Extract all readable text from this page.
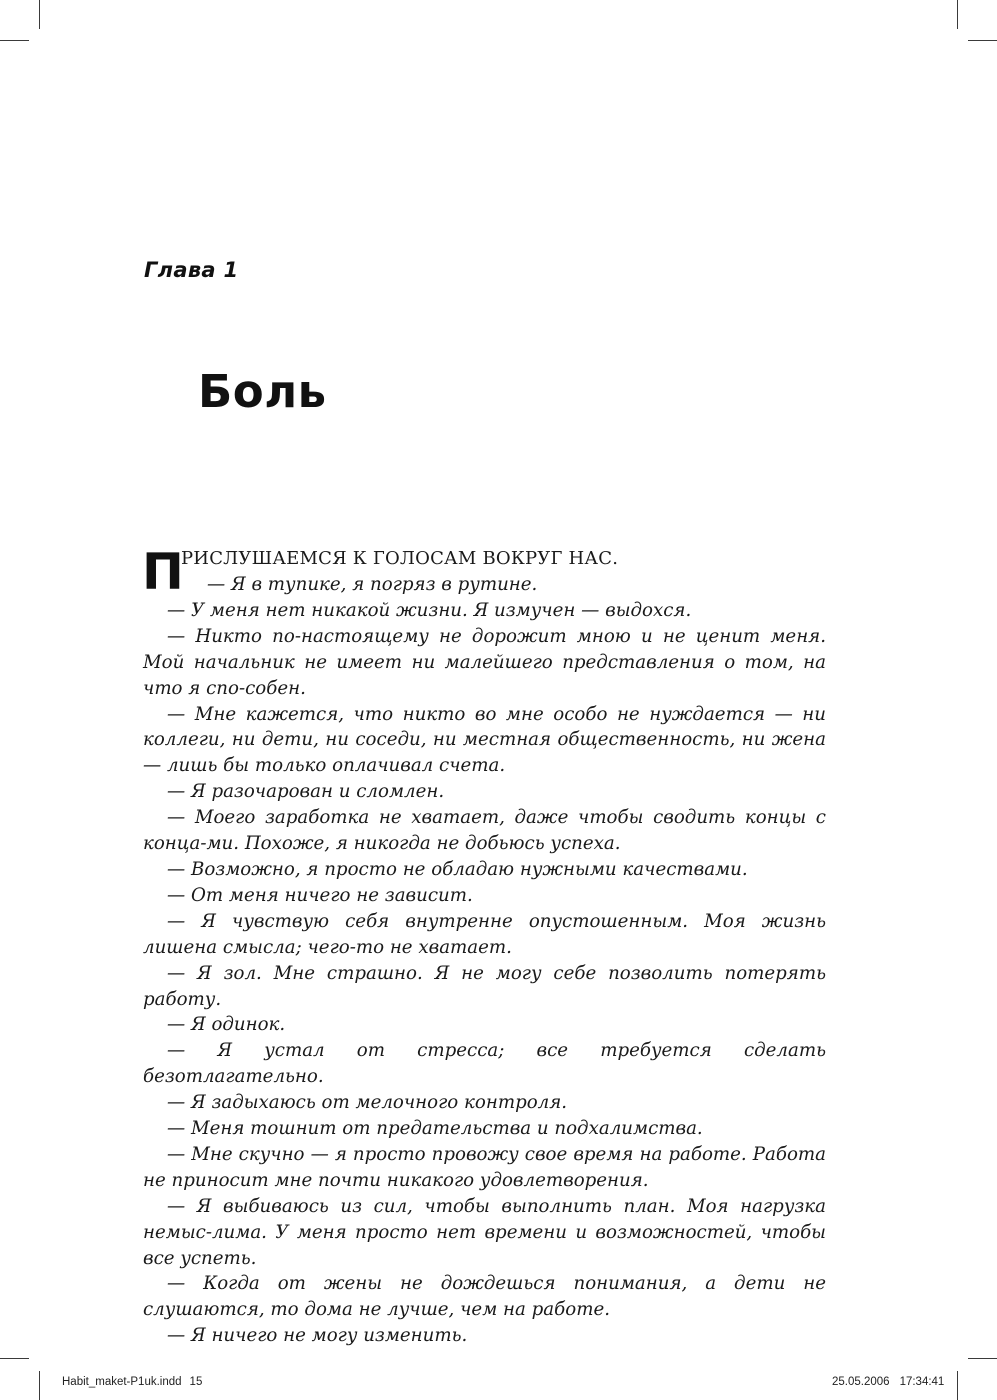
Глава 1
Боль
П
РИСЛУШАЕМСЯ К ГОЛОСАМ ВОКРУГ НАС.

— Я в тупике, я погряз в рутине.

— У меня нет никакой жизни. Я измучен — выдохся.

— Никто по-настоящему не дорожит мною и не ценит меня. Мой начальник не имеет ни малейшего представления о том, на что я спо-собен.

— Мне кажется, что никто во мне особо не нуждается — ни коллеги, ни дети, ни соседи, ни местная общественность, ни жена — лишь бы только оплачивал счета.

— Я разочарован и сломлен.

— Моего заработка не хватает, даже чтобы сводить концы с конца-ми. Похоже, я никогда не добьюсь успеха.

— Возможно, я просто не обладаю нужными качествами.

— От меня ничего не зависит.

— Я чувствую себя внутренне опустошенным. Моя жизнь лишена смысла; чего-то не хватает.

— Я зол. Мне страшно. Я не могу себе позволить потерять работу.

— Я одинок.

— Я устал от стресса; все требуется сделать безотлагательно.

— Я задыхаюсь от мелочного контроля.

— Меня тошнит от предательства и подхалимства.

— Мне скучно — я просто провожу свое время на работе. Работа не приносит мне почти никакого удовлетворения.

— Я выбиваюсь из сил, чтобы выполнить план. Моя нагрузка немыс-лима. У меня просто нет времени и возможностей, чтобы все успеть.

— Когда от жены не дождешься понимания, а дети не слушаются, то дома не лучше, чем на работе.

— Я ничего не могу изменить.

Habit_maket-P1uk.indd 15	25.05.2006 17:34:41
